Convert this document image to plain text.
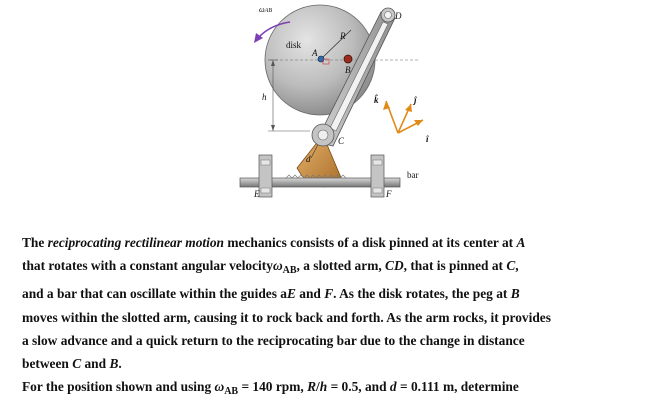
ωAB
R
disk
A
B
D
h
C
d
E	F
bar
k̂	ĵ
î
The reciprocating rectilinear motion mechanics consists of a disk pinned at its center at A
that rotates with a constant angular velocityω$_{AB}$, a slotted arm, CD, that is pinned at C,
and a bar that can oscillate within the guides aE and F. As the disk rotates, the peg at B
moves within the slotted arm, causing it to rock back and forth. As the arm rocks, it provides
a slow advance and a quick return to the reciprocating bar due to the change in distance
between C and B.
For the position shown and using $\omega_{AB} = 140$ rpm, R/h = 0.5, and d = 0.111 m, determine
